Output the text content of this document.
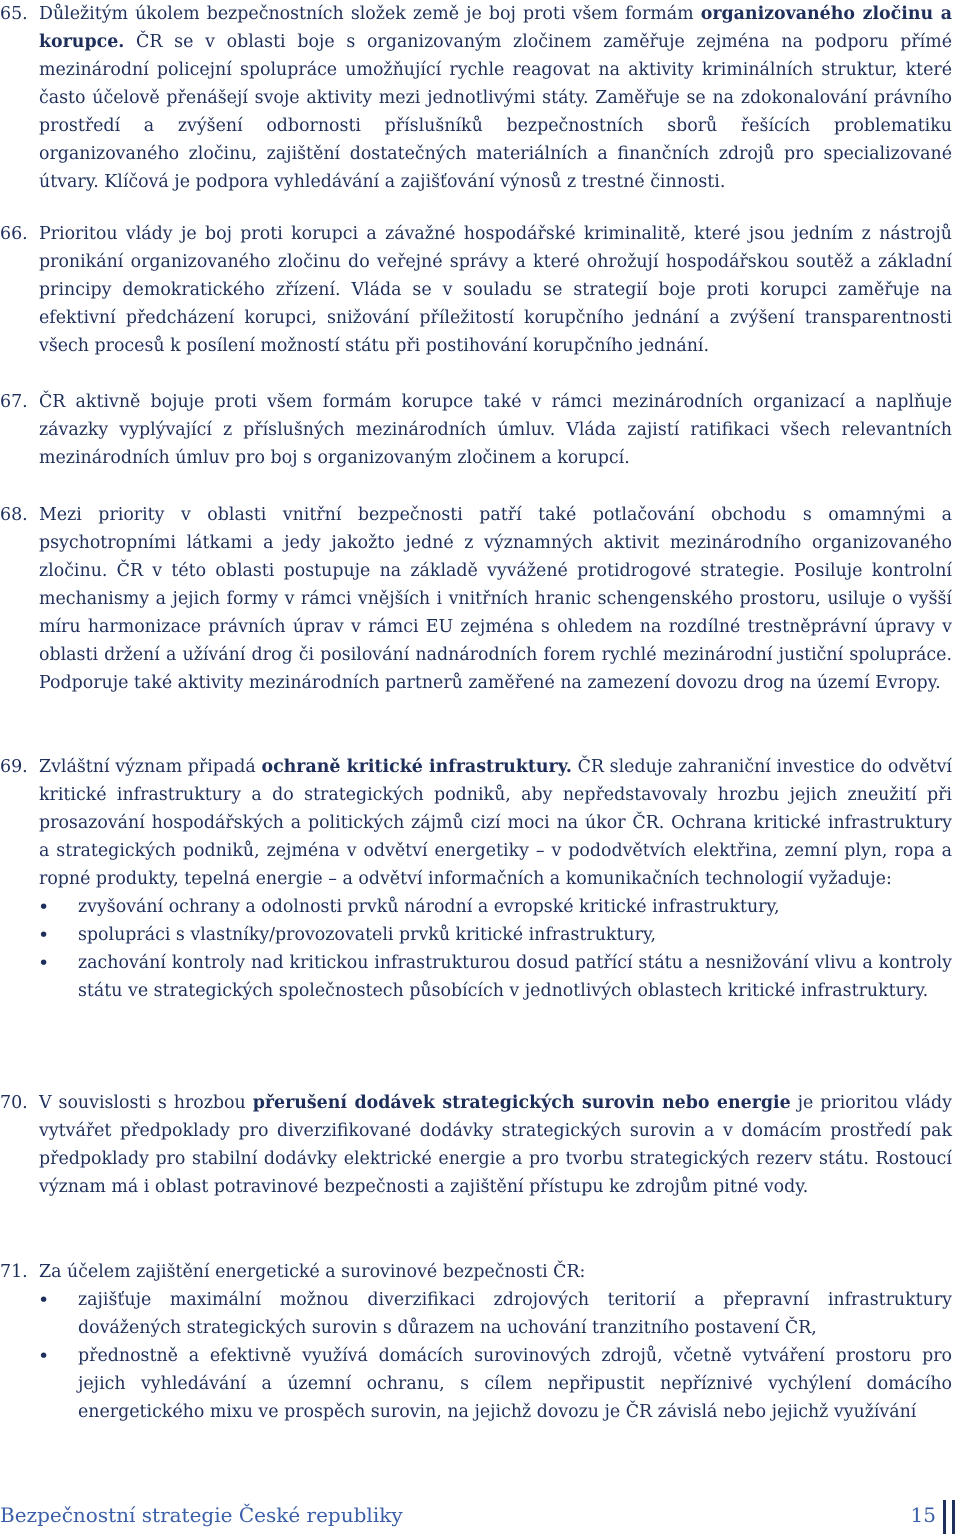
65. Důležitým úkolem bezpečnostních složek země je boj proti všem formám organizovaného zločinu a korupce. ČR se v oblasti boje s organizovaným zločinem zaměřuje zejména na podporu přímé mezinárodní policejní spolupráce umožňující rychle reagovat na aktivity kriminálních struktur, které často účelově přenášejí svoje aktivity mezi jednotlivými státy. Zaměřuje se na zdokonalování právního prostředí a zvýšení odbornosti příslušníků bezpečnostních sborů řešících problematiku organizovaného zločinu, zajištění dostatečných materiálních a finančních zdrojů pro specializované útvary. Klíčová je podpora vyhledávání a zajišťování výnosů z trestné činnosti.
66. Prioritou vlády je boj proti korupci a závažné hospodářské kriminalitě, které jsou jedním z nástrojů pronikání organizovaného zločinu do veřejné správy a které ohrožují hospodářskou soutěž a základní principy demokratického zřízení. Vláda se v souladu se strategií boje proti korupci zaměřuje na efektivní předcházení korupci, snižování příležitostí korupčního jednání a zvýšení transparentnosti všech procesů k posílení možností státu při postihování korupčního jednání.
67. ČR aktivně bojuje proti všem formám korupce také v rámci mezinárodních organizací a naplňuje závazky vyplývající z příslušných mezinárodních úmluv. Vláda zajistí ratifikaci všech relevantních mezinárodních úmluv pro boj s organizovaným zločinem a korupcí.
68. Mezi priority v oblasti vnitřní bezpečnosti patří také potlačování obchodu s omamnými a psychotropními látkami a jedy jakožto jedné z významných aktivit mezinárodního organizovaného zločinu. ČR v této oblasti postupuje na základě vyvážené protidrogové strategie. Posiluje kontrolní mechanismy a jejich formy v rámci vnějších i vnitřních hranic schengenského prostoru, usiluje o vyšší míru harmonizace právních úprav v rámci EU zejména s ohledem na rozdílné trestněprávní úpravy v oblasti držení a užívání drog či posilování nadnárodních forem rychlé mezinárodní justiční spolupráce. Podporuje také aktivity mezinárodních partnerů zaměřené na zamezení dovozu drog na území Evropy.
69. Zvláštní význam připadá ochraně kritické infrastruktury. ČR sleduje zahraniční investice do odvětví kritické infrastruktury a do strategických podniků, aby nepředstavovaly hrozbu jejich zneužití při prosazování hospodářských a politických zájmů cizí moci na úkor ČR. Ochrana kritické infrastruktury a strategických podniků, zejména v odvětví energetiky – v pododvětvích elektřina, zemní plyn, ropa a ropné produkty, tepelná energie – a odvětví informačních a komunikačních technologií vyžaduje:
• zvyšování ochrany a odolnosti prvků národní a evropské kritické infrastruktury,
• spolupráci s vlastníky/provozovateli prvků kritické infrastruktury,
• zachování kontroly nad kritickou infrastrukturou dosud patřící státu a nesnižování vlivu a kontroly státu ve strategických společnostech působících v jednotlivých oblastech kritické infrastruktury.
70. V souvislosti s hrozbou přerušení dodávek strategických surovin nebo energie je prioritou vlády vytvářet předpoklady pro diverzifikované dodávky strategických surovin a v domácím prostředí pak předpoklady pro stabilní dodávky elektrické energie a pro tvorbu strategických rezerv státu. Rostoucí význam má i oblast potravinové bezpečnosti a zajištění přístupu ke zdrojům pitné vody.
71. Za účelem zajištění energetické a surovinové bezpečnosti ČR:
• zajišťuje maximální možnou diverzifikaci zdrojových teritorií a přepravní infrastruktury dovážených strategických surovin s důrazem na uchování tranzitního postavení ČR,
• přednostně a efektivně využívá domácích surovinových zdrojů, včetně vytváření prostoru pro jejich vyhledávání a územní ochranu, s cílem nepřipustit nepříznivé vychýlení domácího energetického mixu ve prospěch surovin, na jejichž dovozu je ČR závislá nebo jejichž využívání
Bezpečnostní strategie České republiky	15
